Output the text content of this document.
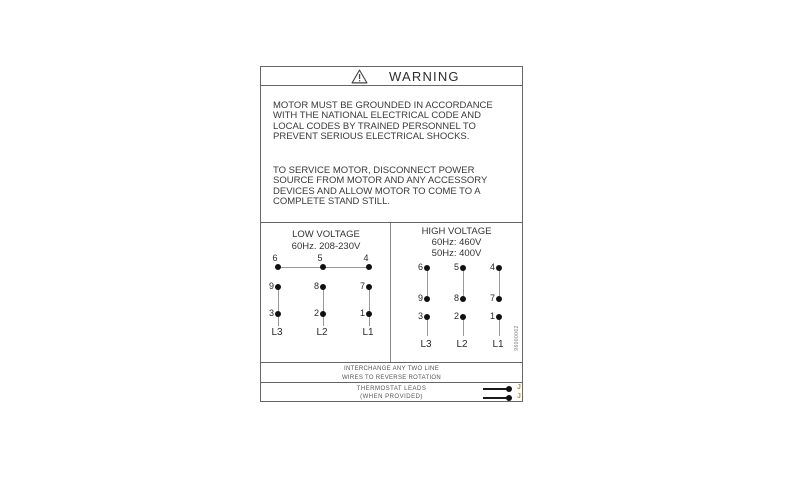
WARNING
MOTOR MUST BE GROUNDED IN ACCORDANCE
WITH THE NATIONAL ELECTRICAL CODE AND
LOCAL CODES BY TRAINED PERSONNEL TO
PREVENT SERIOUS ELECTRICAL SHOCKS.
TO SERVICE MOTOR, DISCONNECT POWER
SOURCE FROM MOTOR AND ANY ACCESSORY
DEVICES AND ALLOW MOTOR TO COME TO A
COMPLETE STAND STILL.
LOW VOLTAGE
60Hz. 208-230V
HIGH VOLTAGE
60Hz: 460V
50Hz: 400V
96000062
6
9
3
L3
5
8
2
L2
4
7
1
L1
6
9
3
L3
5
8
2
L2
4
7
1
L1
INTERCHANGE ANY TWO LINE
WIRES TO REVERSE ROTATION
THERMOSTAT LEADS
(WHEN PROVIDED)
J
J
